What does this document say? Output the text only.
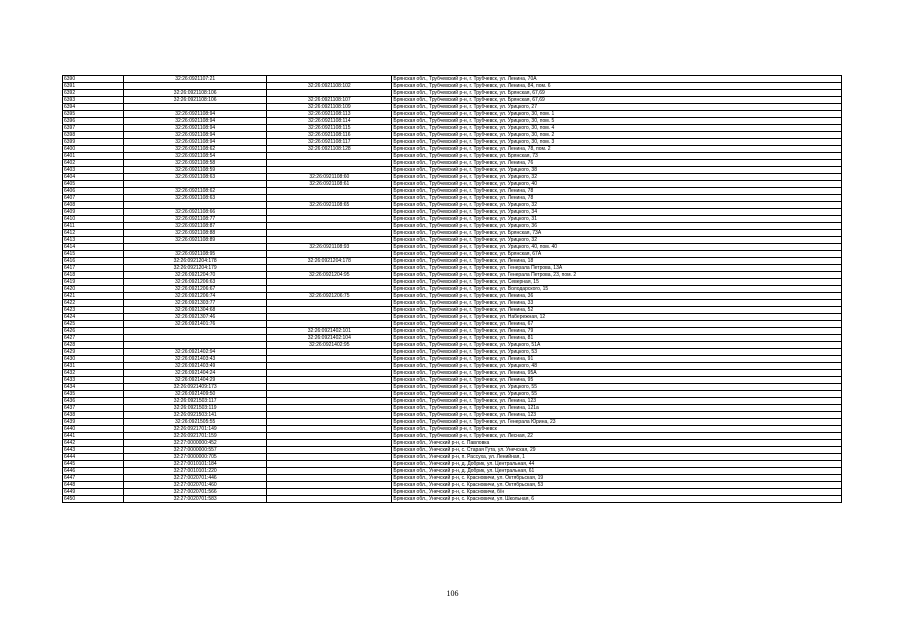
6390	32:26:0921107:21		Брянская обл., Трубчевский р-н, г. Трубчевск, ул. Ленина, 70А
6391		32:26:0921108:102	Брянская обл., Трубчевский р-н, г. Трубчевск, ул. Ленина, 84, пом. 6
6392	32:26:0921108:106		Брянская обл., Трубчевский р-н, г. Трубчевск, ул. Брянская, 67,69
6393	32:26:0921108:106	32:26:0921108:107	Брянская обл., Трубчевский р-н, г. Трубчевск, ул. Брянская, 67,69
6394		32:26:0921108:109	Брянская обл., Трубчевский р-н, г. Трубчевск, ул. Урицкого, 27
6395	32:26:0921108:94	32:26:0921108:113	Брянская обл., Трубчевский р-н, г. Трубчевск, ул. Урицкого, 30, пом. 1
6396	32:26:0921108:94	32:26:0921108:114	Брянская обл., Трубчевский р-н, г. Трубчевск, ул. Урицкого, 30, пом. 5
6397	32:26:0921108:94	32:26:0921108:115	Брянская обл., Трубчевский р-н, г. Трубчевск, ул. Урицкого, 30, пом. 4
6398	32:26:0921108:94	32:26:0921108:116	Брянская обл., Трубчевский р-н, г. Трубчевск, ул. Урицкого, 30, пом. 2
6399	32:26:0921108:94	32:26:0921108:117	Брянская обл., Трубчевский р-н, г. Трубчевск, ул. Урицкого, 30, пом. 3
6400	32:26:0921108:62	32:26:0921108:128	Брянская обл., Трубчевский р-н, г. Трубчевск, ул. Ленина, 78, пом. 2
6401	32:26:0921108:54		Брянская обл., Трубчевский р-н, г. Трубчевск, ул. Брянская, 73
6402	32:26:0921108:58		Брянская обл., Трубчевский р-н, г. Трубчевск, ул. Ленина, 76
6403	32:26:0921108:59		Брянская обл., Трубчевский р-н, г. Трубчевск, ул. Урицкого, 38
6404	32:26:0921108:63	32:26:0921108:60	Брянская обл., Трубчевский р-н, г. Трубчевск, ул. Урицкого, 32
6405		32:26:0921108:61	Брянская обл., Трубчевский р-н, г. Трубчевск, ул. Урицкого, 40
6406	32:26:0921108:62		Брянская обл., Трубчевский р-н, г. Трубчевск, ул. Ленина, 78
6407	32:26:0921108:63		Брянская обл., Трубчевский р-н, г. Трубчевск, ул. Ленина, 78
6408		32:26:0921108:65	Брянская обл., Трубчевский р-н, г. Трубчевск, ул. Урицкого, 32
6409	32:26:0921108:66		Брянская обл., Трубчевский р-н, г. Трубчевск, ул. Урицкого, 34
6410	32:26:0921108:77		Брянская обл., Трубчевский р-н, г. Трубчевск, ул. Урицкого, 31
6411	32:26:0921108:87		Брянская обл., Трубчевский р-н, г. Трубчевск, ул. Урицкого, 36
6412	32:26:0921108:88		Брянская обл., Трубчевский р-н, г. Трубчевск, ул. Брянская, 73А
6413	32:26:0921108:89		Брянская обл., Трубчевский р-н, г. Трубчевск, ул. Урицкого, 32
6414		32:26:0921108:93	Брянская обл., Трубчевский р-н, г. Трубчевск, ул. Урицкого, 40, пом. 40
6415	32:26:0921108:95		Брянская обл., Трубчевский р-н, г. Трубчевск, ул. Брянская, 67А
6416	32:26:0921204:178	32:26:0921204:178	Брянская обл., Трубчевский р-н, г. Трубчевск, ул. Ленина, 18
6417	32:26:0921204:179		Брянская обл., Трубчевский р-н, г. Трубчевск, ул. Генерала Петрова, 13А
6418	32:26:0921204:70	32:26:0921204:95	Брянская обл., Трубчевский р-н, г. Трубчевск, ул. Генерала Петрова, 23, пом. 2
6419	32:26:0921206:63		Брянская обл., Трубчевский р-н, г. Трубчевск, ул. Северная, 15
6420	32:26:0921206:67		Брянская обл., Трубчевский р-н, г. Трубчевск, ул. Володарского, 15
6421	32:26:0921206:74	32:26:0921206:75	Брянская обл., Трубчевский р-н, г. Трубчевск, ул. Ленина, 36
6422	32:26:0921303:77		Брянская обл., Трубчевский р-н, г. Трубчевск, ул. Ленина, 33
6423	32:26:0921304:68		Брянская обл., Трубчевский р-н, г. Трубчевск, ул. Ленина, 52
6424	32:26:0921307:46		Брянская обл., Трубчевский р-н, г. Трубчевск, ул. Набережная, 12
6425	32:26:0921401:76		Брянская обл., Трубчевский р-н, г. Трубчевск, ул. Ленина, 67
6426		32:26:0921402:101	Брянская обл., Трубчевский р-н, г. Трубчевск, ул. Ленина, 79
6427		32:26:0921402:104	Брянская обл., Трубчевский р-н, г. Трубчевск, ул. Ленина, 81
6428		32:26:0921402:95	Брянская обл., Трубчевский р-н, г. Трубчевск, ул. Урицкого, 51А
6429	32:26:0921402:94		Брянская обл., Трубчевский р-н, г. Трубчевск, ул. Урицкого, 53
6430	32:26:0921403:43		Брянская обл., Трубчевский р-н, г. Трубчевск, ул. Ленина, 91
6431	32:26:0921403:49		Брянская обл., Трубчевский р-н, г. Трубчевск, ул. Урицкого, 48
6432	32:26:0921404:24		Брянская обл., Трубчевский р-н, г. Трубчевск, ул. Ленина, 95А
6433	32:26:0921404:29		Брянская обл., Трубчевский р-н, г. Трубчевск, ул. Ленина, 95
6434	32:26:0921409:173		Брянская обл., Трубчевский р-н, г. Трубчевск, ул. Урицкого, 55
6435	32:26:0921409:50		Брянская обл., Трубчевский р-н, г. Трубчевск, ул. Урицкого, 55
6436	32:26:0921503:117		Брянская обл., Трубчевский р-н, г. Трубчевск, ул. Ленина, 123
6437	32:26:0921503:119		Брянская обл., Трубчевский р-н, г. Трубчевск, ул. Ленина, 121а
6438	32:26:0921503:141		Брянская обл., Трубчевский р-н, г. Трубчевск, ул. Ленина, 123
6439	32:26:0921505:55		Брянская обл., Трубчевский р-н, г. Трубчевск, ул. Генерала Юрина, 23
6440	32:26:0921701:149		Брянская обл., Трубчевский р-н, г. Трубчевск
6441	32:26:0921701:159		Брянская обл., Трубчевский р-н, г. Трубчевск, ул. Лесная, 22
6442	32:27:0000000:452		Брянская обл., Унечский р-н, с. Павловка
6443	32:27:0000000:557		Брянская обл., Унечский р-н, с. Старая Гута, ул. Унечская, 29
6444	32:27:0000000:705		Брянская обл., Унечский р-н, п. Рассуха, ул. Ленийная, 1
6445	32:27:0010101:184		Брянская обл., Унечский р-н, д. Добрик, ул. Центральная, 44
6446	32:27:0010101:220		Брянская обл., Унечский р-н, д. Добрик, ул. Центральная, 61
6447	32:27:0020701:446		Брянская обл., Унечский р-н, с. Красновичи, ул. Октябрьская, 19
6448	32:27:0020701:460		Брянская обл., Унечский р-н, с. Красновичи, ул. Октябрьская, 53
6449	32:27:0020701:566		Брянская обл., Унечский р-н, с. Красновичи, б/н
6450	32:27:0020701:583		Брянская обл., Унечский р-н, с. Красновичи, ул. Школьная, 6
106
